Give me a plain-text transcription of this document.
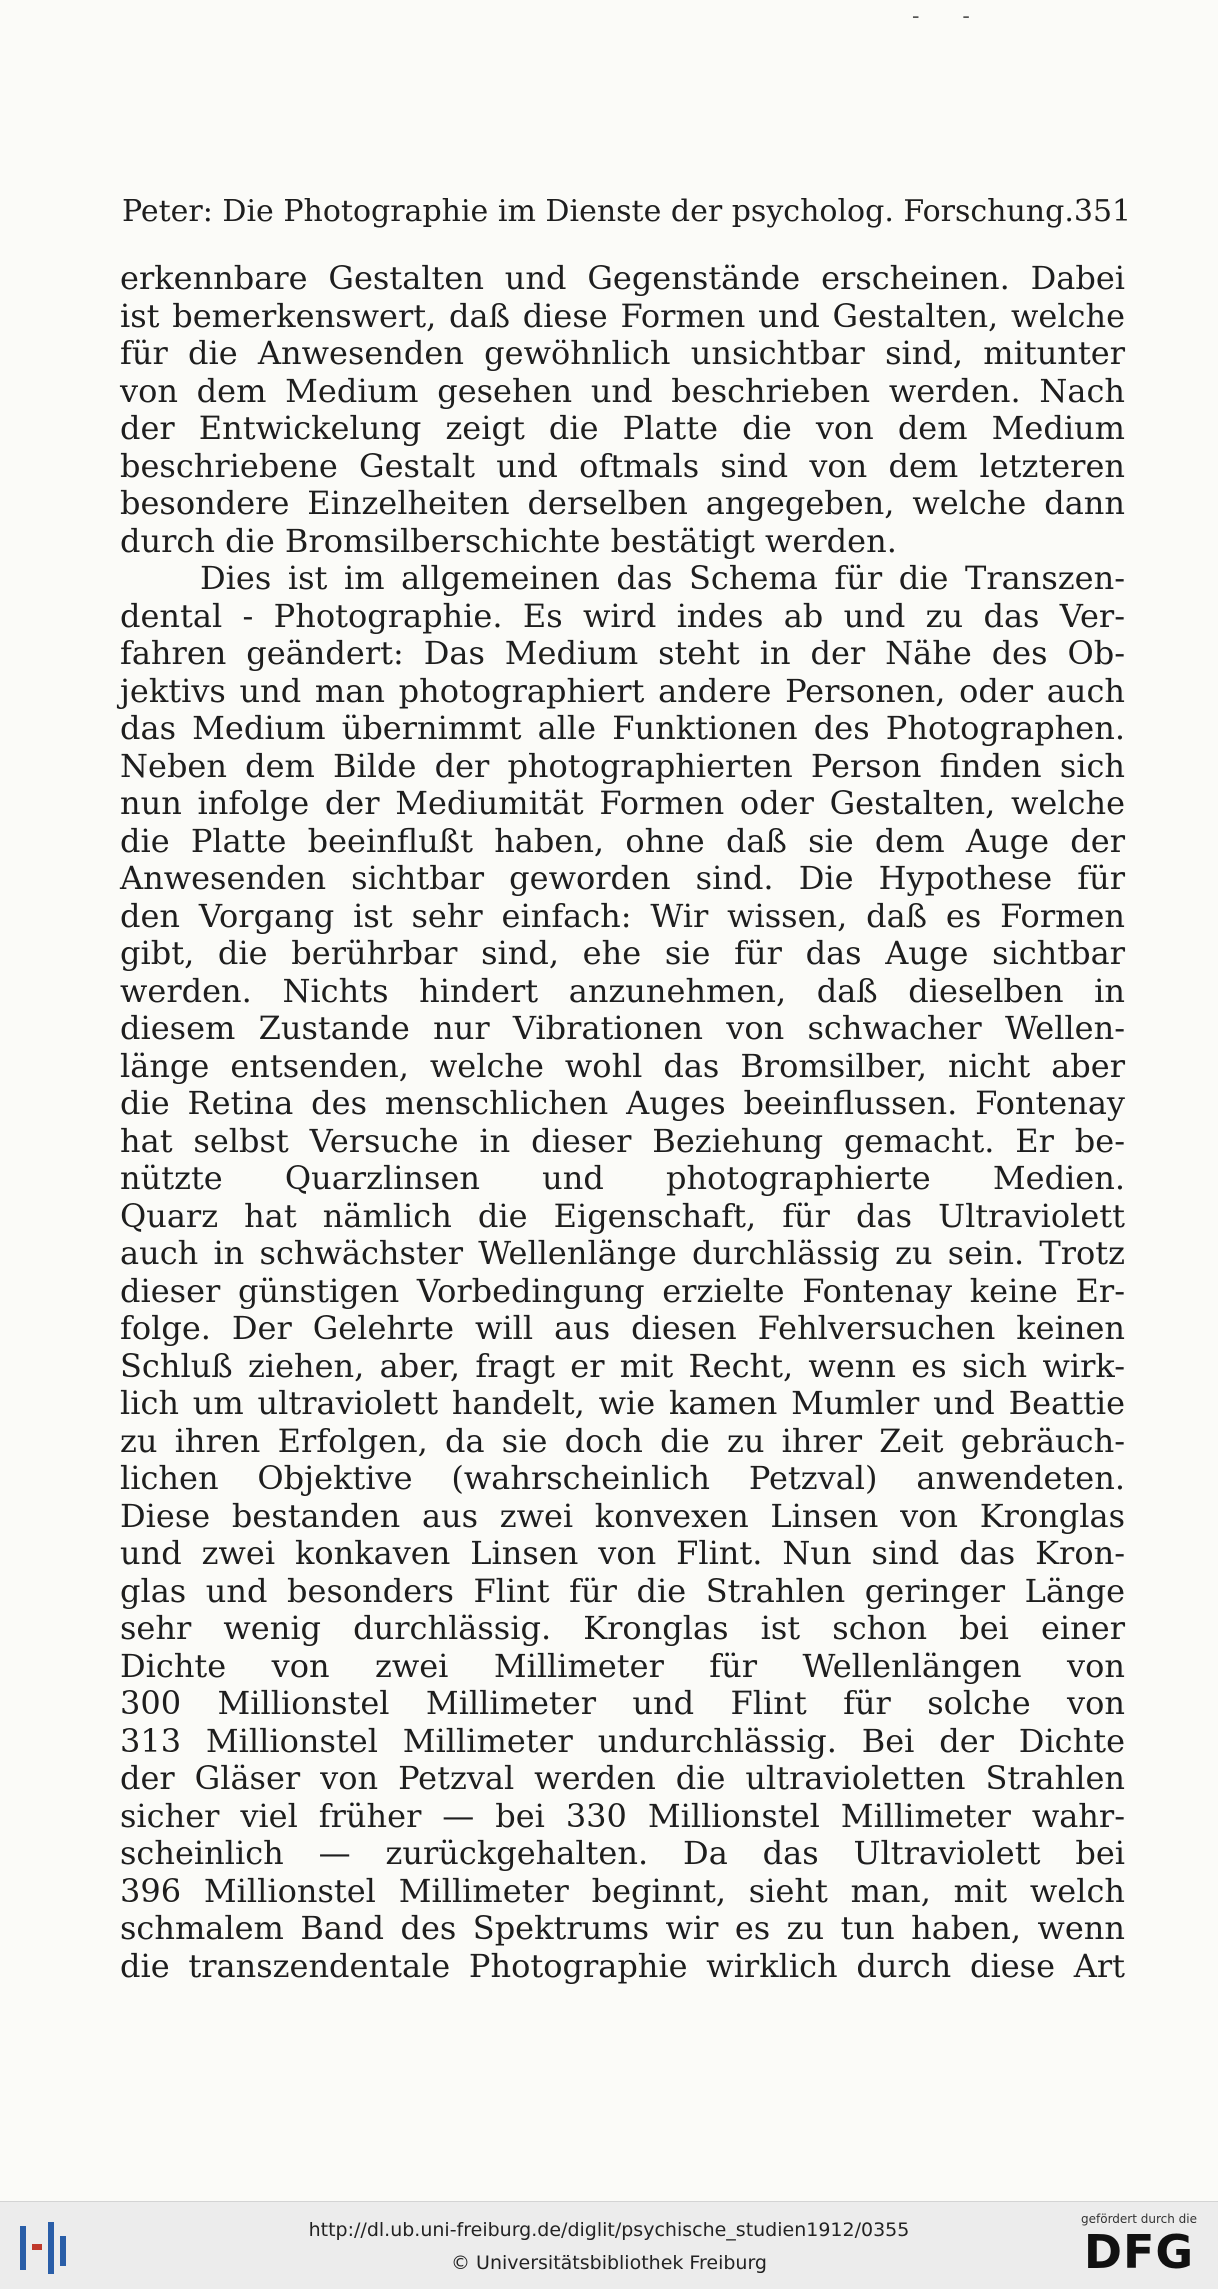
- -
Peter: Die Photographie im Dienste der psycholog. Forschung. 351
erkennbare Gestalten und Gegenstände erscheinen. Dabei
ist bemerkenswert, daß diese Formen und Gestalten, welche
für die Anwesenden gewöhnlich unsichtbar sind, mitunter
von dem Medium gesehen und beschrieben werden. Nach
der Entwickelung zeigt die Platte die von dem Medium
beschriebene Gestalt und oftmals sind von dem letzteren
besondere Einzelheiten derselben angegeben, welche dann
durch die Bromsilberschichte bestätigt werden.
Dies ist im allgemeinen das Schema für die Transzen-
dental - Photographie. Es wird indes ab und zu das Ver-
fahren geändert: Das Medium steht in der Nähe des Ob-
jektivs und man photographiert andere Personen, oder auch
das Medium übernimmt alle Funktionen des Photographen.
Neben dem Bilde der photographierten Person finden sich
nun infolge der Mediumität Formen oder Gestalten, welche
die Platte beeinflußt haben, ohne daß sie dem Auge der
Anwesenden sichtbar geworden sind. Die Hypothese für
den Vorgang ist sehr einfach: Wir wissen, daß es Formen
gibt, die berührbar sind, ehe sie für das Auge sichtbar
werden. Nichts hindert anzunehmen, daß dieselben in
diesem Zustande nur Vibrationen von schwacher Wellen-
länge entsenden, welche wohl das Bromsilber, nicht aber
die Retina des menschlichen Auges beeinflussen. Fontenay
hat selbst Versuche in dieser Beziehung gemacht. Er be-
nützte Quarzlinsen und photographierte Medien.
Quarz hat nämlich die Eigenschaft, für das Ultraviolett
auch in schwächster Wellenlänge durchlässig zu sein. Trotz
dieser günstigen Vorbedingung erzielte Fontenay keine Er-
folge. Der Gelehrte will aus diesen Fehlversuchen keinen
Schluß ziehen, aber, fragt er mit Recht, wenn es sich wirk-
lich um ultraviolett handelt, wie kamen Mumler und Beattie
zu ihren Erfolgen, da sie doch die zu ihrer Zeit gebräuch-
lichen Objektive (wahrscheinlich Petzval) anwendeten.
Diese bestanden aus zwei konvexen Linsen von Kronglas
und zwei konkaven Linsen von Flint. Nun sind das Kron-
glas und besonders Flint für die Strahlen geringer Länge
sehr wenig durchlässig. Kronglas ist schon bei einer
Dichte von zwei Millimeter für Wellenlängen von
300 Millionstel Millimeter und Flint für solche von
313 Millionstel Millimeter undurchlässig. Bei der Dichte
der Gläser von Petzval werden die ultravioletten Strahlen
sicher viel früher — bei 330 Millionstel Millimeter wahr-
scheinlich — zurückgehalten. Da das Ultraviolett bei
396 Millionstel Millimeter beginnt, sieht man, mit welch
schmalem Band des Spektrums wir es zu tun haben, wenn
die transzendentale Photographie wirklich durch diese Art
http://dl.ub.uni-freiburg.de/diglit/psychische_studien1912/0355
© Universitätsbibliothek Freiburg
gefördert durch die
DFG
